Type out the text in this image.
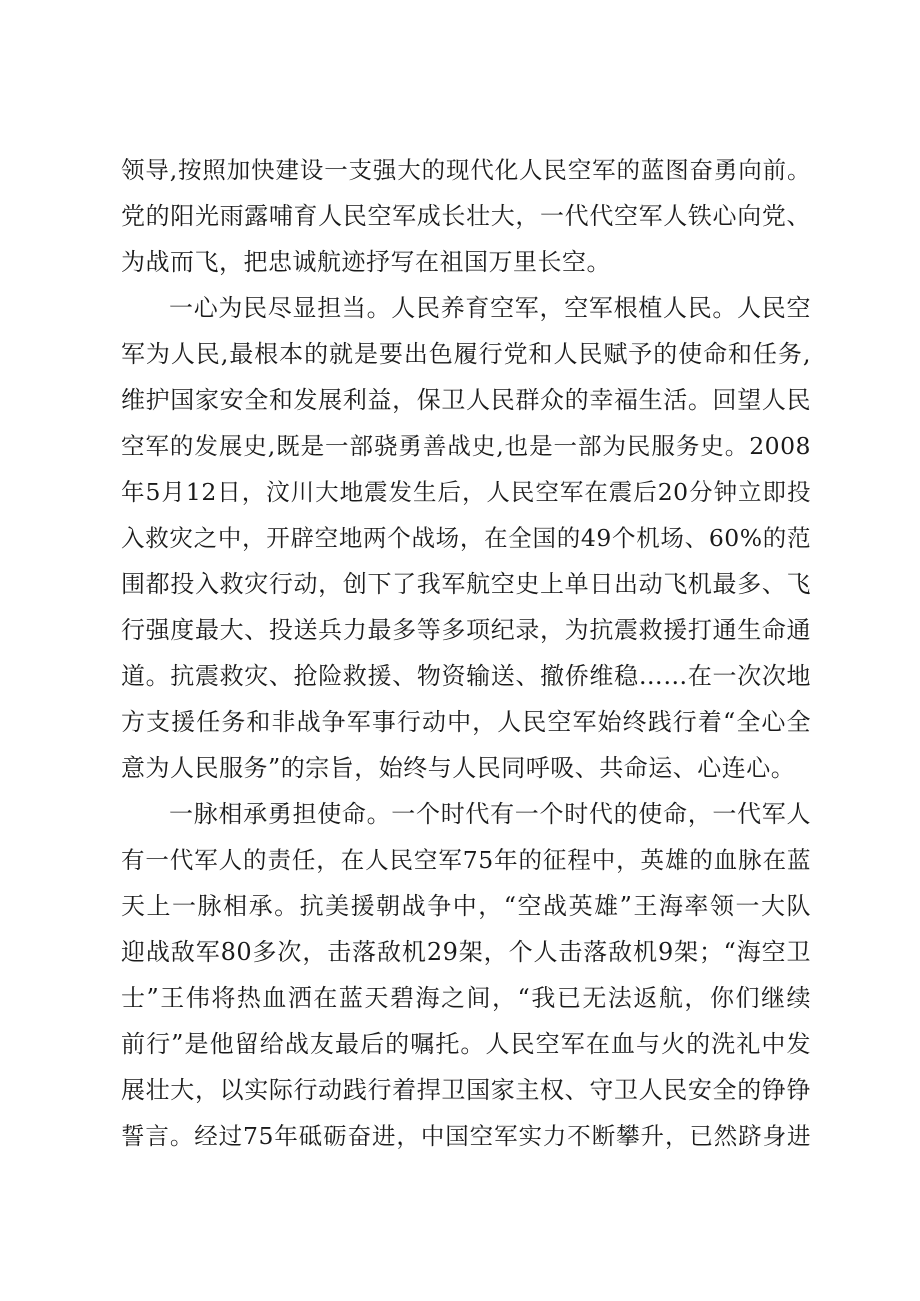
领导,按照加快建设一支强大的现代化人民空军的蓝图奋勇向前。
党的阳光雨露哺育人民空军成长壮大，一代代空军人铁心向党、
为战而飞，把忠诚航迹抒写在祖国万里长空。
一心为民尽显担当。人民养育空军，空军根植人民。人民空
军为人民,最根本的就是要出色履行党和人民赋予的使命和任务,
维护国家安全和发展利益，保卫人民群众的幸福生活。回望人民
空军的发展史,既是一部骁勇善战史,也是一部为民服务史。2008
年5月12日，汶川大地震发生后，人民空军在震后20分钟立即投
入救灾之中，开辟空地两个战场，在全国的49个机场、60%的范
围都投入救灾行动，创下了我军航空史上单日出动飞机最多、飞
行强度最大、投送兵力最多等多项纪录，为抗震救援打通生命通
道。抗震救灾、抢险救援、物资输送、撤侨维稳……在一次次地
方支援任务和非战争军事行动中，人民空军始终践行着“全心全
意为人民服务”的宗旨，始终与人民同呼吸、共命运、心连心。
一脉相承勇担使命。一个时代有一个时代的使命，一代军人
有一代军人的责任，在人民空军75年的征程中，英雄的血脉在蓝
天上一脉相承。抗美援朝战争中，“空战英雄”王海率领一大队
迎战敌军80多次，击落敌机29架，个人击落敌机9架；“海空卫
士”王伟将热血洒在蓝天碧海之间，“我已无法返航，你们继续
前行”是他留给战友最后的嘱托。人民空军在血与火的洗礼中发
展壮大，以实际行动践行着捍卫国家主权、守卫人民安全的铮铮
誓言。经过75年砥砺奋进，中国空军实力不断攀升，已然跻身进
